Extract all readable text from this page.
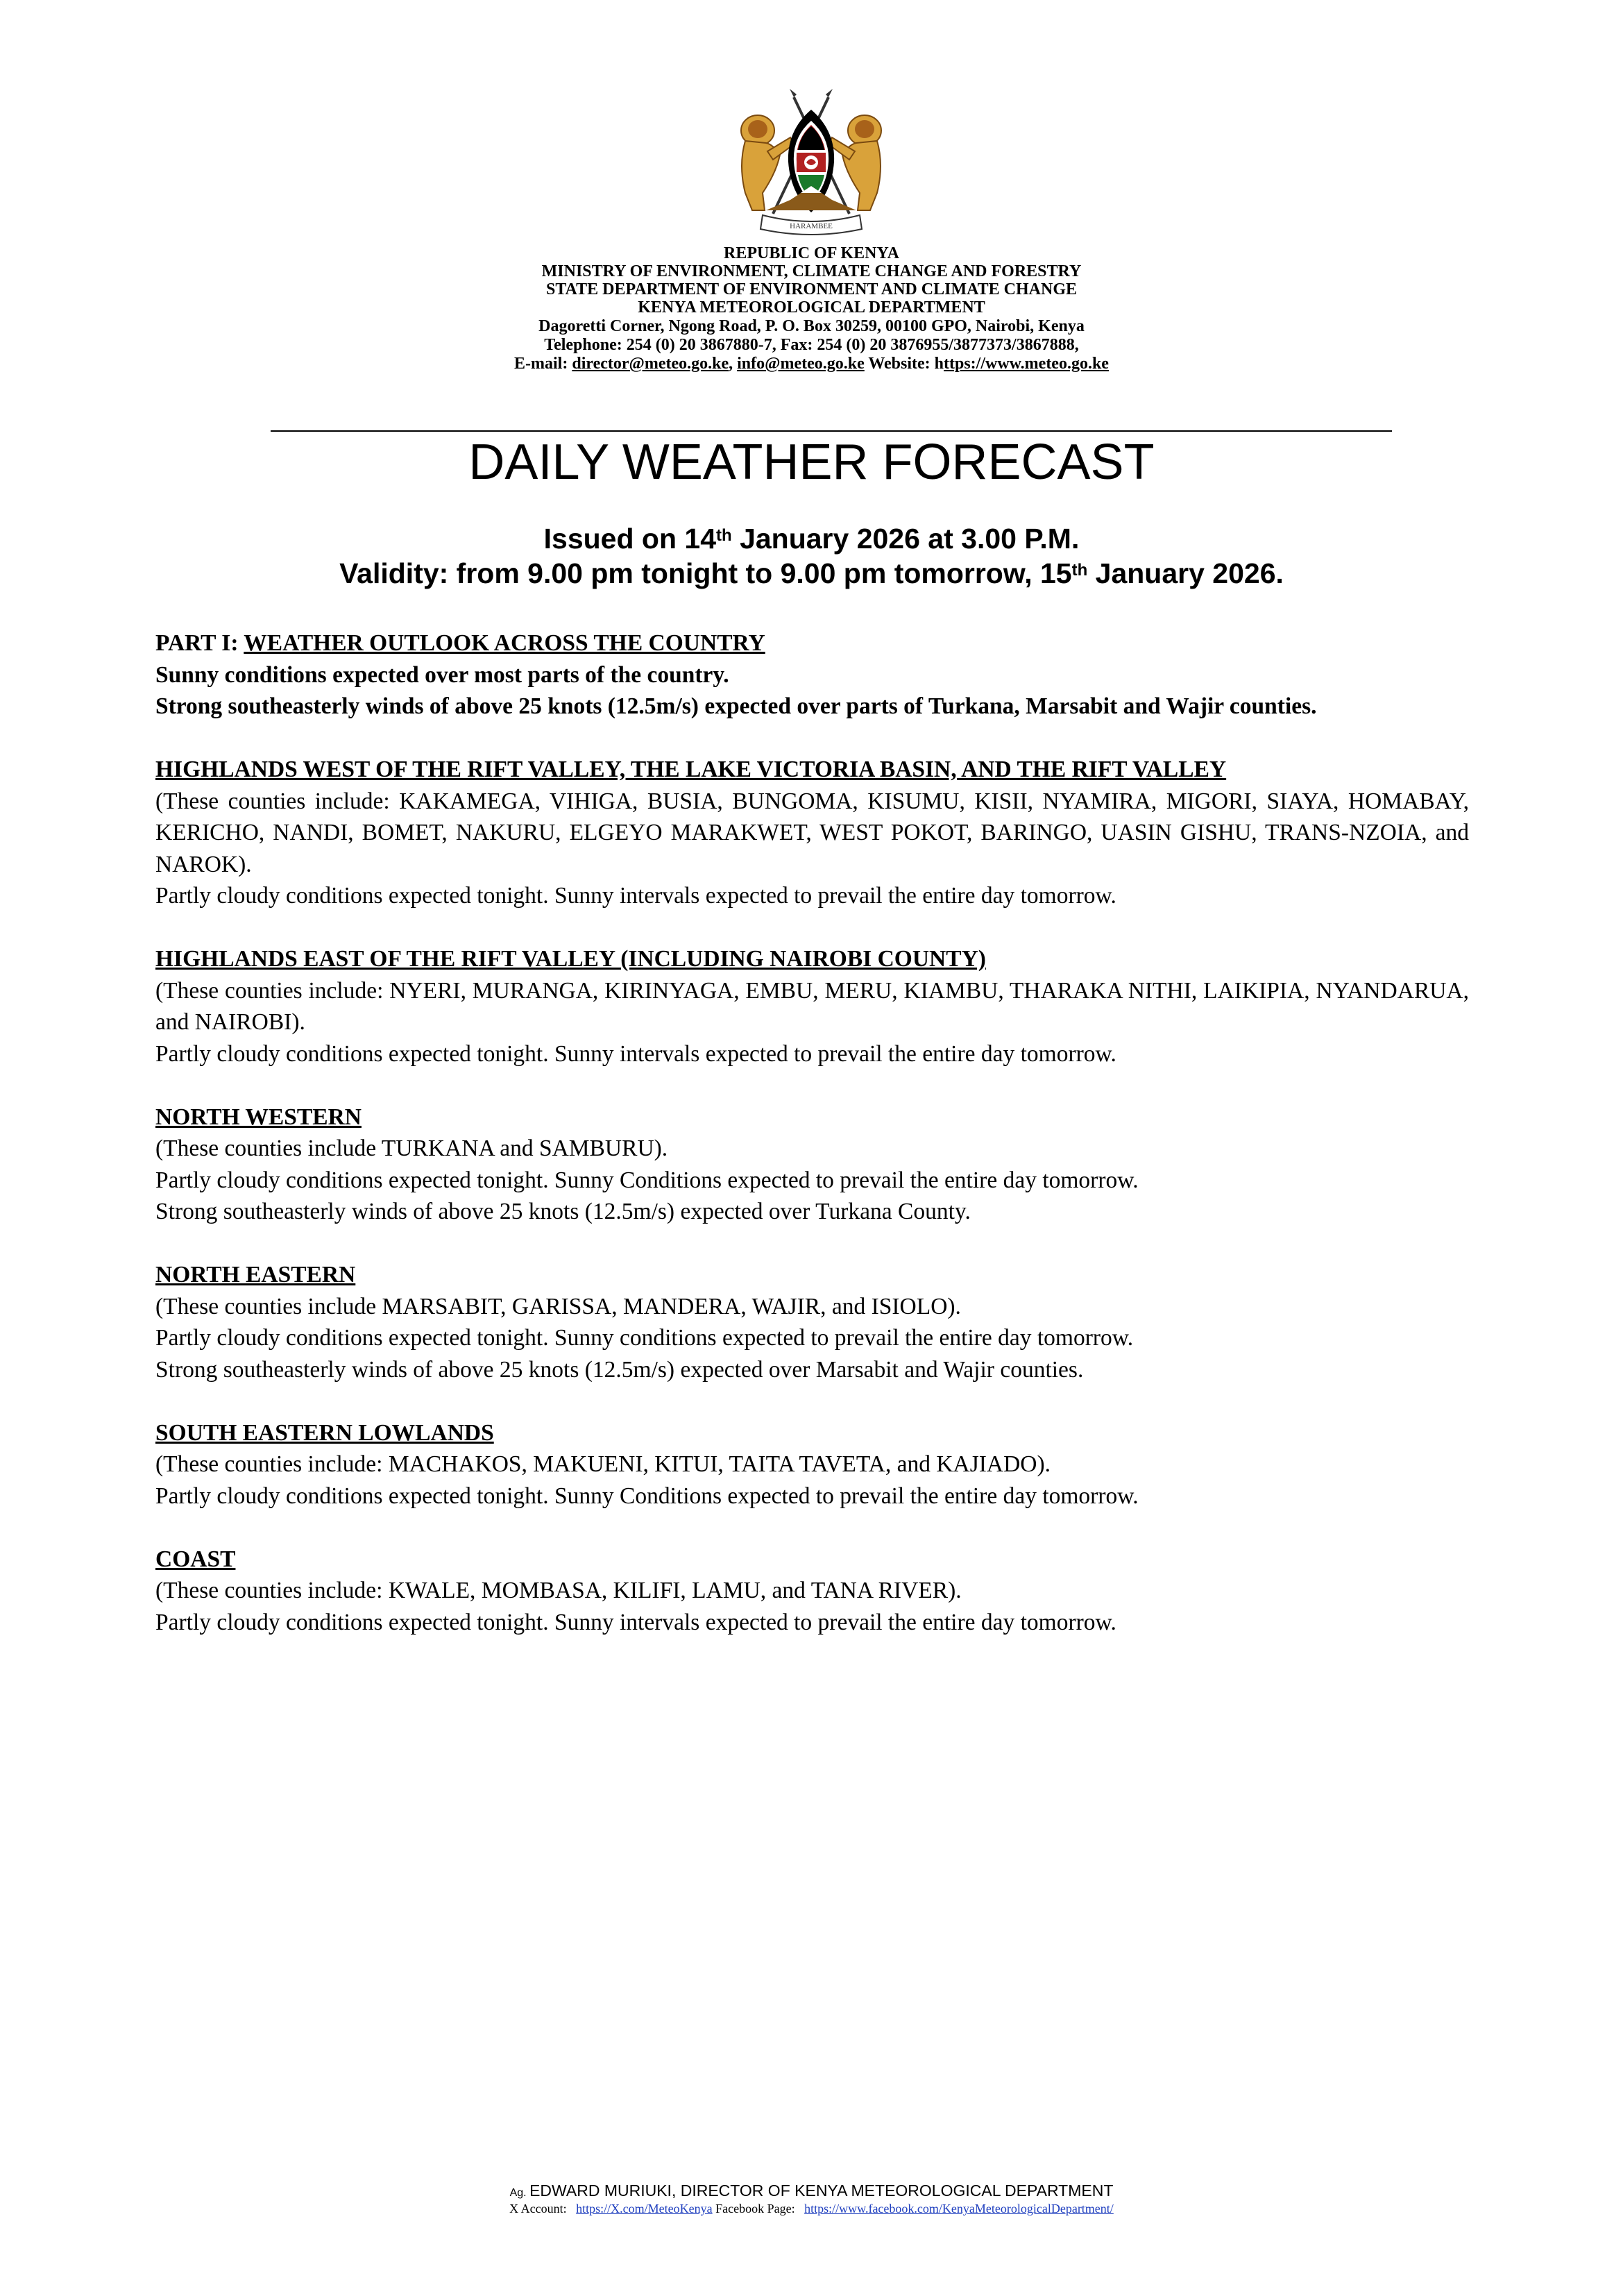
HARAMBEE
REPUBLIC OF KENYA
MINISTRY OF ENVIRONMENT, CLIMATE CHANGE AND FORESTRY
STATE DEPARTMENT OF ENVIRONMENT AND CLIMATE CHANGE
KENYA METEOROLOGICAL DEPARTMENT
Dagoretti Corner, Ngong Road, P. O. Box 30259, 00100 GPO, Nairobi, Kenya
Telephone: 254 (0) 20 3867880-7, Fax: 254 (0) 20 3876955/3877373/3867888,
E-mail: director@meteo.go.ke, info@meteo.go.ke Website: https://www.meteo.go.ke
DAILY WEATHER FORECAST
Issued on 14th January 2026 at 3.00 P.M.
Validity: from 9.00 pm tonight to 9.00 pm tomorrow, 15th January 2026.

PART I: WEATHER OUTLOOK ACROSS THE COUNTRY

Sunny conditions expected over most parts of the country.

Strong southeasterly winds of above 25 knots (12.5m/s) expected over parts of Turkana, Marsabit and Wajir counties.

HIGHLANDS WEST OF THE RIFT VALLEY, THE LAKE VICTORIA BASIN, AND THE RIFT VALLEY

(These counties include: KAKAMEGA, VIHIGA, BUSIA, BUNGOMA, KISUMU, KISII, NYAMIRA, MIGORI, SIAYA, HOMABAY, KERICHO, NANDI, BOMET, NAKURU, ELGEYO MARAKWET, WEST POKOT, BARINGO, UASIN GISHU, TRANS-NZOIA, and NAROK).

Partly cloudy conditions expected tonight. Sunny intervals expected to prevail the entire day tomorrow.

HIGHLANDS EAST OF THE RIFT VALLEY (INCLUDING NAIROBI COUNTY)

(These counties include: NYERI, MURANGA, KIRINYAGA, EMBU, MERU, KIAMBU, THARAKA NITHI, LAIKIPIA, NYANDARUA, and NAIROBI).

Partly cloudy conditions expected tonight. Sunny intervals expected to prevail the entire day tomorrow.

NORTH WESTERN

(These counties include TURKANA and SAMBURU).

Partly cloudy conditions expected tonight. Sunny Conditions expected to prevail the entire day tomorrow.

Strong southeasterly winds of above 25 knots (12.5m/s) expected over Turkana County.

NORTH EASTERN

(These counties include MARSABIT, GARISSA, MANDERA, WAJIR, and ISIOLO).

Partly cloudy conditions expected tonight. Sunny conditions expected to prevail the entire day tomorrow.

Strong southeasterly winds of above 25 knots (12.5m/s) expected over Marsabit and Wajir counties.

SOUTH EASTERN LOWLANDS

(These counties include: MACHAKOS, MAKUENI, KITUI, TAITA TAVETA, and KAJIADO).

Partly cloudy conditions expected tonight. Sunny Conditions expected to prevail the entire day tomorrow.

COAST

(These counties include: KWALE, MOMBASA, KILIFI, LAMU, and TANA RIVER).

Partly cloudy conditions expected tonight. Sunny intervals expected to prevail the entire day tomorrow.

Ag. EDWARD MURIUKI, DIRECTOR OF KENYA METEOROLOGICAL DEPARTMENT
X Account:   https://X.com/MeteoKenya Facebook Page:   https://www.facebook.com/KenyaMeteorologicalDepartment/
